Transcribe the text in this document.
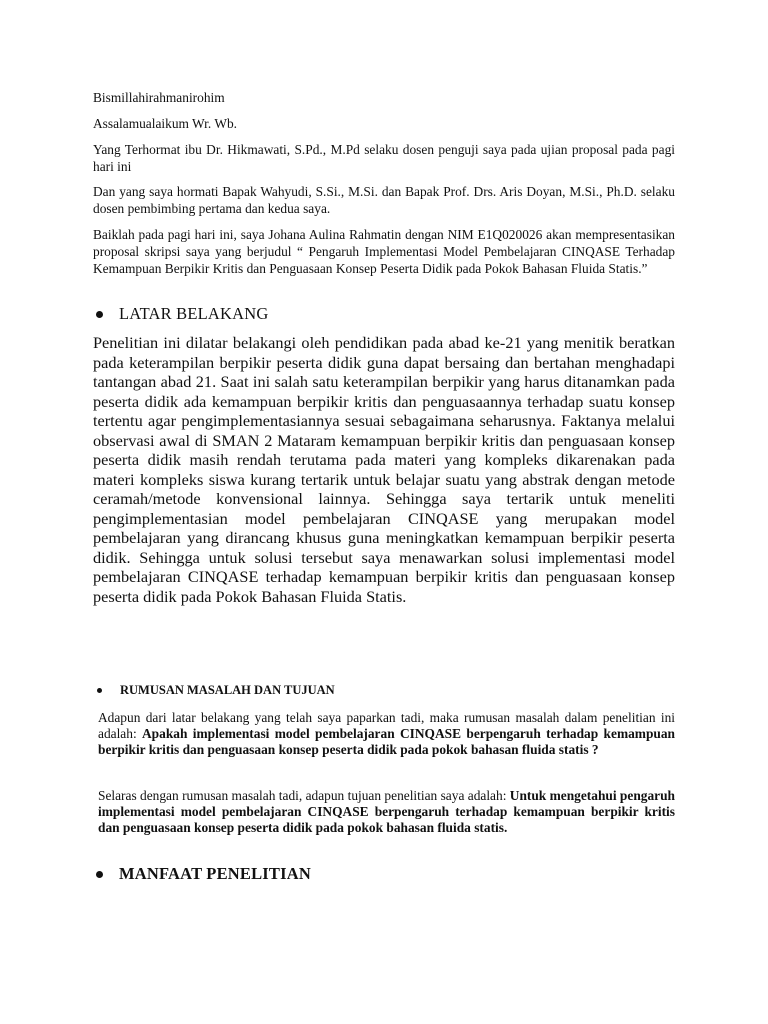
Bismillahirahmanirohim

Assalamualaikum Wr. Wb.

Yang Terhormat ibu Dr. Hikmawati, S.Pd., M.Pd selaku dosen penguji saya pada ujian proposal pada pagi hari ini

Dan yang saya hormati Bapak Wahyudi, S.Si., M.Si. dan Bapak Prof. Drs. Aris Doyan, M.Si., Ph.D. selaku dosen pembimbing pertama dan kedua saya.

Baiklah pada pagi hari ini, saya Johana Aulina Rahmatin dengan NIM E1Q020026 akan mempresentasikan proposal skripsi saya yang berjudul “ Pengaruh Implementasi Model Pembelajaran CINQASE Terhadap Kemampuan Berpikir Kritis dan Penguasaan Konsep Peserta Didik pada Pokok Bahasan Fluida Statis.”

LATAR BELAKANG

Penelitian ini dilatar belakangi oleh pendidikan pada abad ke-21 yang menitik beratkan pada keterampilan berpikir peserta didik guna dapat bersaing dan bertahan menghadapi tantangan abad 21. Saat ini salah satu keterampilan berpikir yang harus ditanamkan pada peserta didik ada kemampuan berpikir kritis dan penguasaannya terhadap suatu konsep tertentu agar pengimplementasiannya sesuai sebagaimana seharusnya. Faktanya melalui observasi awal di SMAN 2 Mataram kemampuan berpikir kritis dan penguasaan konsep peserta didik masih rendah terutama pada materi yang kompleks dikarenakan pada materi kompleks siswa kurang tertarik untuk belajar suatu yang abstrak dengan metode ceramah/metode konvensional lainnya. Sehingga saya tertarik untuk meneliti pengimplementasian model pembelajaran CINQASE yang merupakan model pembelajaran yang dirancang khusus guna meningkatkan kemampuan berpikir peserta didik. Sehingga untuk solusi tersebut saya menawarkan solusi implementasi model pembelajaran CINQASE terhadap kemampuan berpikir kritis dan penguasaan konsep peserta didik pada Pokok Bahasan Fluida Statis.

RUMUSAN MASALAH DAN TUJUAN

Adapun dari latar belakang yang telah saya paparkan tadi, maka rumusan masalah dalam penelitian ini adalah: Apakah implementasi model pembelajaran CINQASE berpengaruh terhadap kemampuan berpikir kritis dan penguasaan konsep peserta didik pada pokok bahasan fluida statis ?

Selaras dengan rumusan masalah tadi, adapun tujuan penelitian saya adalah: Untuk mengetahui pengaruh implementasi model pembelajaran CINQASE berpengaruh terhadap kemampuan berpikir kritis dan penguasaan konsep peserta didik pada pokok bahasan fluida statis.

MANFAAT PENELITIAN
